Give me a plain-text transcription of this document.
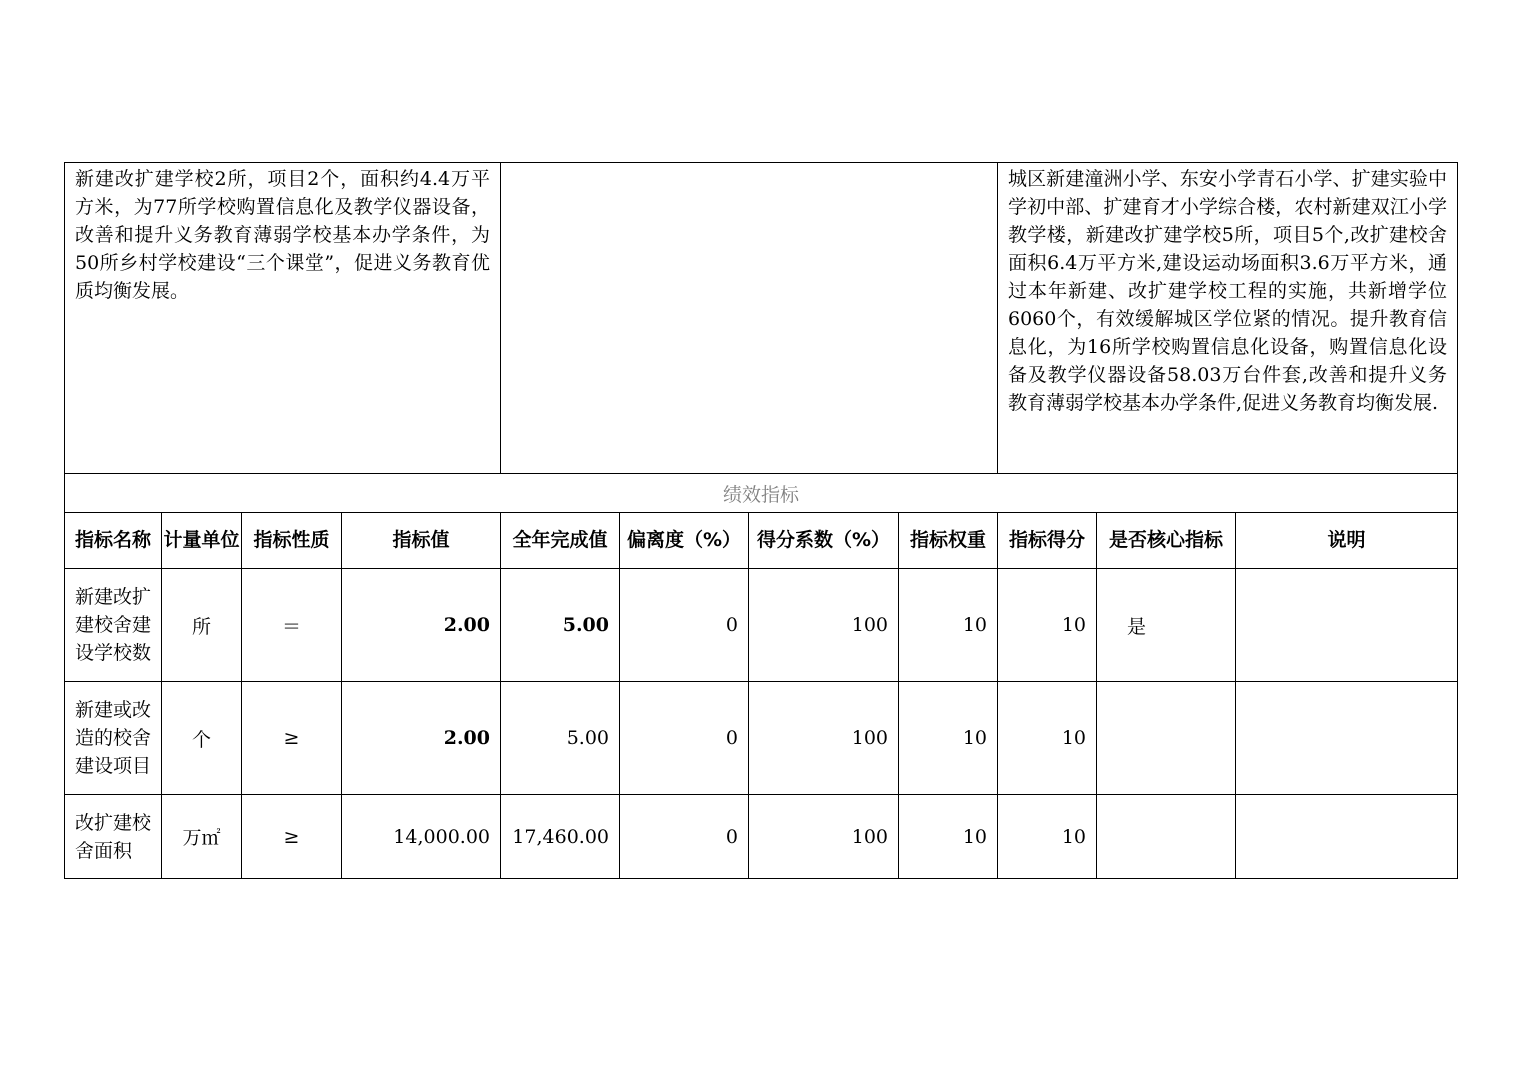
新建改扩建学校2所，项目2个，面积约4.4万平方米，为77所学校购置信息化及教学仪器设备，改善和提升义务教育薄弱学校基本办学条件，为50所乡村学校建设“三个课堂”，促进义务教育优质均衡发展。								城区新建潼洲小学、东安小学青石小学、扩建实验中学初中部、扩建育才小学综合楼，农村新建双江小学教学楼，新建改扩建学校5所，项目5个,改扩建校舍面积6.4万平方米,建设运动场面积3.6万平方米，通过本年新建、改扩建学校工程的实施，共新增学位6060个，有效缓解城区学位紧的情况。提升教育信息化，为16所学校购置信息化设备，购置信息化设备及教学仪器设备58.03万台件套,改善和提升义务教育薄弱学校基本办学条件,促进义务教育均衡发展.		
绩效指标										
指标名称	计量单位	指标性质	指标值	全年完成值	偏离度（%）	得分系数（%）	指标权重	指标得分	是否核心指标	说明
新建改扩建校舍建设学校数	所	＝	2.00	5.00	0	100	10	10	是	
新建或改造的校舍建设项目	个	≥	2.00	5.00	0	100	10	10		
改扩建校舍面积	万㎡	≥	14,000.00	17,460.00	0	100	10	10		
